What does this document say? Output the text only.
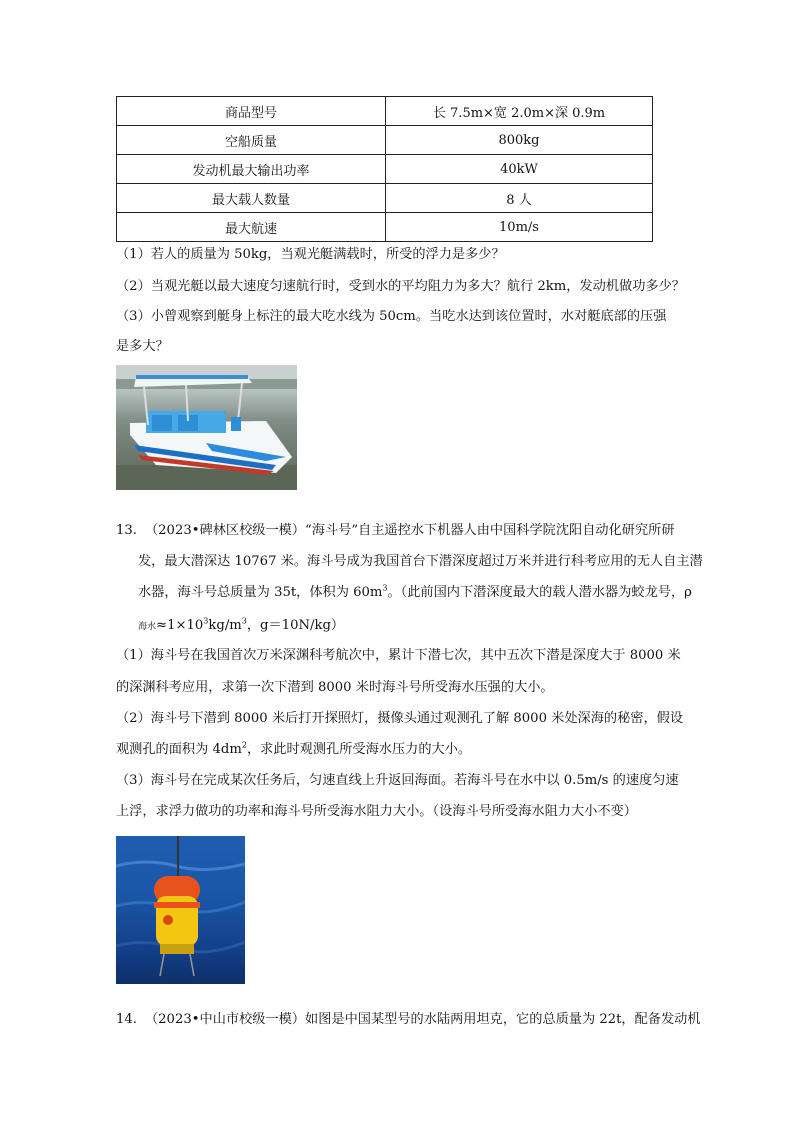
商品型号	长 7.5m×宽 2.0m×深 0.9m
空船质量	800kg
发动机最大输出功率	40kW
最大载人数量	8 人
最大航速	10m/s
（1）若人的质量为 50kg，当观光艇满载时，所受的浮力是多少？
（2）当观光艇以最大速度匀速航行时，受到水的平均阻力为多大？航行 2km，发动机做功多少？
（3）小曾观察到艇身上标注的最大吃水线为 50cm。当吃水达到该位置时，水对艇底部的压强
是多大？
13. （2023•碑林区校级一模）“海斗号”自主遥控水下机器人由中国科学院沈阳自动化研究所研
发，最大潜深达 10767 米。海斗号成为我国首台下潜深度超过万米并进行科考应用的无人自主潜
水器，海斗号总质量为 35t，体积为 $60m^3$。（此前国内下潜深度最大的载人潜水器为蛟龙号，ρ
海水$\approx 1\times 10^3kg/m^3$，g＝10N/kg）
（1）海斗号在我国首次万米深渊科考航次中，累计下潜七次，其中五次下潜是深度大于 8000 米
的深渊科考应用，求第一次下潜到 8000 米时海斗号所受海水压强的大小。
（2）海斗号下潜到 8000 米后打开探照灯，摄像头通过观测孔了解 8000 米处深海的秘密，假设
观测孔的面积为 $4dm^2$，求此时观测孔所受海水压力的大小。
（3）海斗号在完成某次任务后，匀速直线上升返回海面。若海斗号在水中以 0.5m/s 的速度匀速
上浮，求浮力做功的功率和海斗号所受海水阻力大小。（设海斗号所受海水阻力大小不变）
14. （2023•中山市校级一模）如图是中国某型号的水陆两用坦克，它的总质量为 22t，配备发动机
